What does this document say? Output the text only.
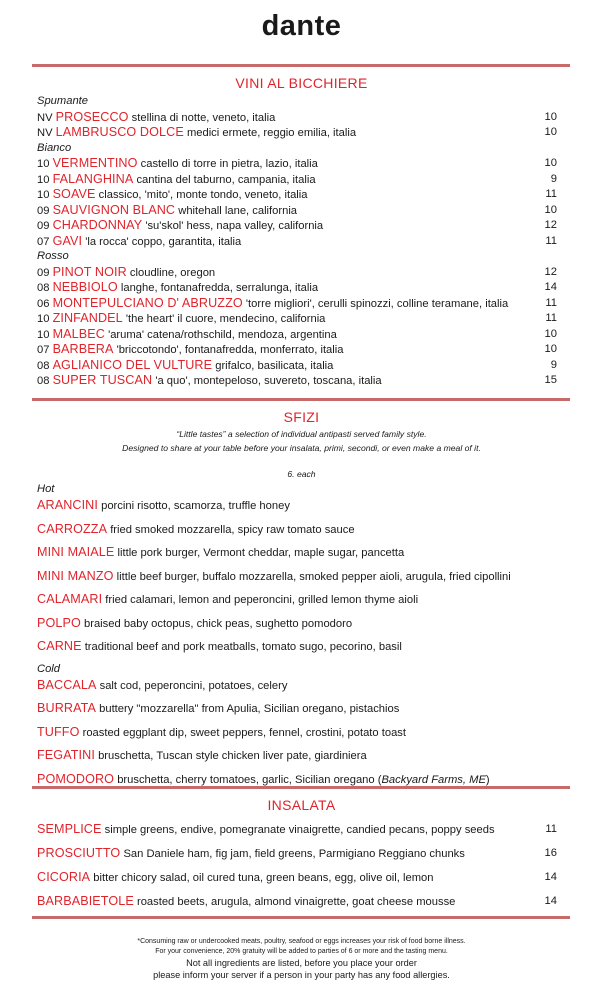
dante
VINI AL BICCHIERE
Spumante
NV PROSECCO stellina di notte, veneto, italia	10
NV LAMBRUSCO DOLCE medici ermete, reggio emilia, italia	10
Bianco
10 VERMENTINO castello di torre in pietra, lazio, italia	10
10 FALANGHINA cantina del taburno, campania, italia	9
10 SOAVE classico, 'mito', monte tondo, veneto, italia	11
09 SAUVIGNON BLANC whitehall lane, california	10
09 CHARDONNAY 'su'skol' hess, napa valley, california	12
07 GAVI 'la rocca' coppo, garantita, italia	11
Rosso
09 PINOT NOIR cloudline, oregon	12
08 NEBBIOLO langhe, fontanafredda, serralunga, italia	14
06 MONTEPULCIANO D' ABRUZZO 'torre migliori', cerulli spinozzi, colline teramane, italia	11
10 ZINFANDEL 'the heart' il cuore, mendecino, california	11
10 MALBEC 'aruma' catena/rothschild, mendoza, argentina	10
07 BARBERA 'briccotondo', fontanafredda, monferrato, italia	10
08 AGLIANICO DEL VULTURE grifalco, basilicata, italia	9
08 SUPER TUSCAN 'a quo', montepeloso, suvereto, toscana, italia	15
SFIZI
“Little tastes” a selection of individual antipasti served family style.
Designed to share at your table before your insalata, primi, secondi, or even make a meal of it.
6. each
Hot
ARANCINI porcini risotto, scamorza, truffle honey
CARROZZA fried smoked mozzarella, spicy raw tomato sauce
MINI MAIALE little pork burger, Vermont cheddar, maple sugar, pancetta
MINI MANZO little beef burger, buffalo mozzarella, smoked pepper aioli, arugula, fried cipollini
CALAMARI fried calamari, lemon and peperoncini, grilled lemon thyme aioli
POLPO braised baby octopus, chick peas, sughetto pomodoro
CARNE traditional beef and pork meatballs, tomato sugo, pecorino, basil
Cold
BACCALA salt cod, peperoncini, potatoes, celery
BURRATA buttery "mozzarella" from Apulia, Sicilian oregano, pistachios
TUFFO roasted eggplant dip, sweet peppers, fennel, crostini, potato toast
FEGATINI bruschetta, Tuscan style chicken liver pate, giardiniera
POMODORO bruschetta, cherry tomatoes, garlic, Sicilian oregano (Backyard Farms, ME)
INSALATA
SEMPLICE simple greens, endive, pomegranate vinaigrette, candied pecans, poppy seeds	11
PROSCIUTTO San Daniele ham, fig jam, field greens, Parmigiano Reggiano chunks	16
CICORIA bitter chicory salad, oil cured tuna, green beans, egg, olive oil, lemon	14
BARBABIETOLE roasted beets, arugula, almond vinaigrette, goat cheese mousse	14
*Consuming raw or undercooked meats, poultry, seafood or eggs increases your risk of food borne illness.
For your convenience, 20% gratuity will be added to parties of 6 or more and the tasting menu.
Not all ingredients are listed, before you place your order
please inform your server if a person in your party has any food allergies.
